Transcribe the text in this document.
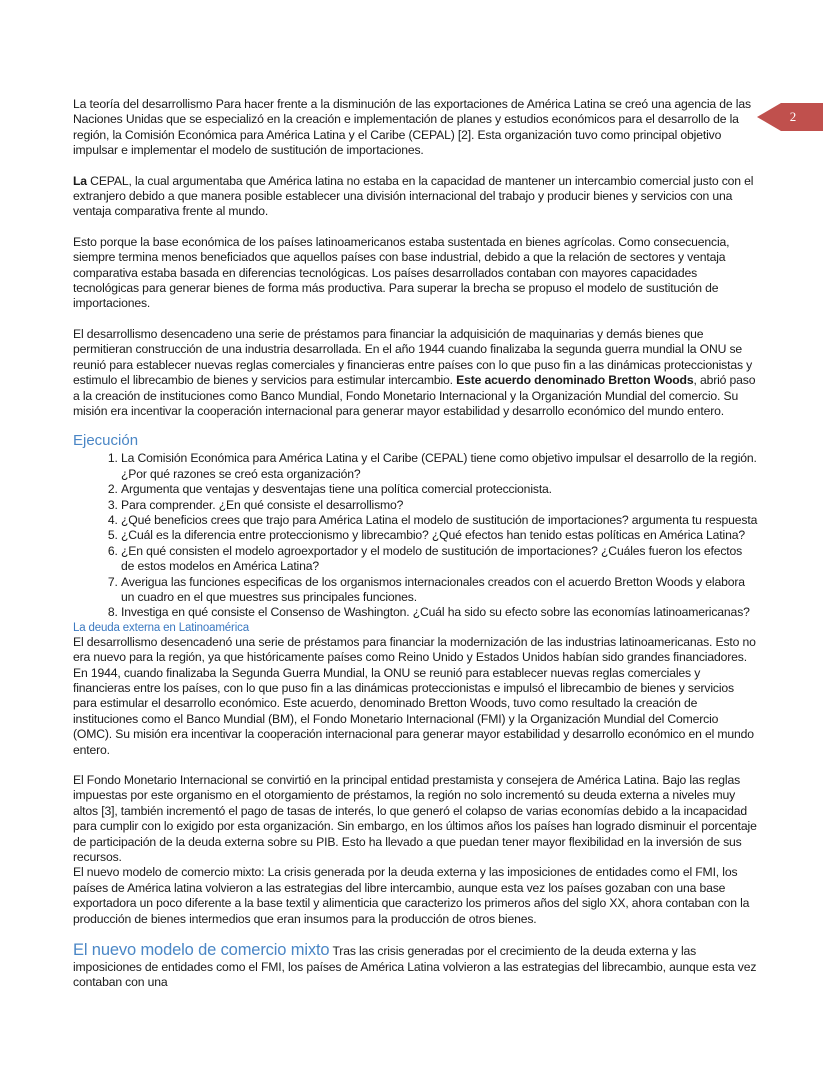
2

La teoría del desarrollismo Para hacer frente a la disminución de las exportaciones de América Latina se creó una agencia de las Naciones Unidas que se especializó en la creación e implementación de planes y estudios económicos para el desarrollo de la región, la Comisión Económica para América Latina y el Caribe (CEPAL) [2]. Esta organización tuvo como principal objetivo impulsar e implementar el modelo de sustitución de importaciones.

La CEPAL, la cual argumentaba que América latina no estaba en la capacidad de mantener un intercambio comercial justo con el extranjero debido a que manera posible establecer una división internacional del trabajo y producir bienes y servicios con una ventaja comparativa frente al mundo.

Esto porque la base económica de los países latinoamericanos estaba sustentada en bienes agrícolas. Como consecuencia, siempre termina menos beneficiados que aquellos países con base industrial, debido a que la relación de sectores y ventaja comparativa estaba basada en diferencias tecnológicas. Los países desarrollados contaban con mayores capacidades tecnológicas para generar bienes de forma más productiva. Para superar la brecha se propuso el modelo de sustitución de importaciones.

El desarrollismo desencadeno una serie de préstamos para financiar la adquisición de maquinarias y demás bienes que permitieran construcción de una industria desarrollada. En el año 1944 cuando finalizaba la segunda guerra mundial la ONU se reunió para establecer nuevas reglas comerciales y financieras entre países con lo que puso fin a las dinámicas proteccionistas y estimulo el librecambio de bienes y servicios para estimular intercambio. Este acuerdo denominado Bretton Woods, abrió paso a la creación de instituciones como Banco Mundial, Fondo Monetario Internacional y la Organización Mundial del comercio. Su misión era incentivar la cooperación internacional para generar mayor estabilidad y desarrollo económico del mundo entero.

Ejecución
1. La Comisión Económica para América Latina y el Caribe (CEPAL) tiene como objetivo impulsar el desarrollo de la región. ¿Por qué razones se creó esta organización?
2. Argumenta que ventajas y desventajas tiene una política comercial proteccionista.
3. Para comprender. ¿En qué consiste el desarrollismo?
4. ¿Qué beneficios crees que trajo para América Latina el modelo de sustitución de importaciones? argumenta tu respuesta
5. ¿Cuál es la diferencia entre proteccionismo y librecambio? ¿Qué efectos han tenido estas políticas en América Latina?
6. ¿En qué consisten el modelo agroexportador y el modelo de sustitución de importaciones? ¿Cuáles fueron los efectos de estos modelos en América Latina?
7. Averigua las funciones especificas de los organismos internacionales creados con el acuerdo Bretton Woods y elabora un cuadro en el que muestres sus principales funciones.
8. Investiga en qué consiste el Consenso de Washington. ¿Cuál ha sido su efecto sobre las economías latinoamericanas?

La deuda externa en Latinoamérica

El desarrollismo desencadenó una serie de préstamos para financiar la modernización de las industrias latinoamericanas. Esto no era nuevo para la región, ya que históricamente países como Reino Unido y Estados Unidos habían sido grandes financiadores.

En 1944, cuando finalizaba la Segunda Guerra Mundial, la ONU se reunió para establecer nuevas reglas comerciales y financieras entre los países, con lo que puso fin a las dinámicas proteccionistas e impulsó el librecambio de bienes y servicios para estimular el desarrollo económico. Este acuerdo, denominado Bretton Woods, tuvo como resultado la creación de instituciones como el Banco Mundial (BM), el Fondo Monetario Internacional (FMI) y la Organización Mundial del Comercio (OMC). Su misión era incentivar la cooperación internacional para generar mayor estabilidad y desarrollo económico en el mundo entero.

El Fondo Monetario Internacional se convirtió en la principal entidad prestamista y consejera de América Latina. Bajo las reglas impuestas por este organismo en el otorgamiento de préstamos, la región no solo incrementó su deuda externa a niveles muy altos [3], también incrementó el pago de tasas de interés, lo que generó el colapso de varias economías debido a la incapacidad para cumplir con lo exigido por esta organización. Sin embargo, en los últimos años los países han logrado disminuir el porcentaje de participación de la deuda externa sobre su PIB. Esto ha llevado a que puedan tener mayor flexibilidad en la inversión de sus recursos.

El nuevo modelo de comercio mixto: La crisis generada por la deuda externa y las imposiciones de entidades como el FMI, los países de América latina volvieron a las estrategias del libre intercambio, aunque esta vez los países gozaban con una base exportadora un poco diferente a la base textil y alimenticia que caracterizo los primeros años del siglo XX, ahora contaban con la producción de bienes intermedios que eran insumos para la producción de otros bienes.

El nuevo modelo de comercio mixto Tras las crisis generadas por el crecimiento de la deuda externa y las imposiciones de entidades como el FMI, los países de América Latina volvieron a las estrategias del librecambio, aunque esta vez contaban con una
